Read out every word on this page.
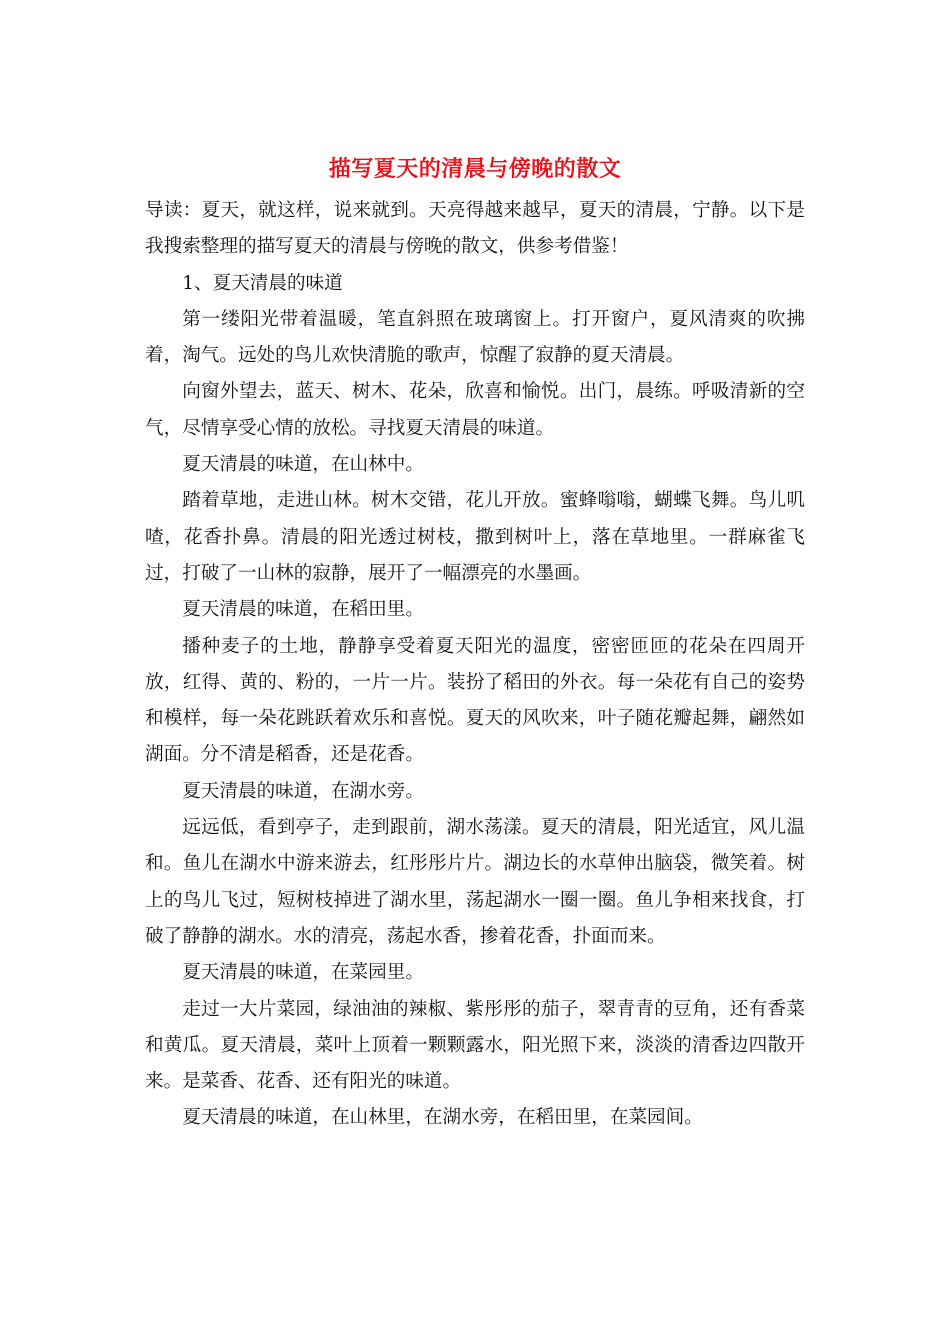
描写夏天的清晨与傍晚的散文

导读：夏天，就这样，说来就到。天亮得越来越早，夏天的清晨，宁静。以下是我搜索整理的描写夏天的清晨与傍晚的散文，供参考借鉴！

1、夏天清晨的味道

第一缕阳光带着温暖，笔直斜照在玻璃窗上。打开窗户，夏风清爽的吹拂着，淘气。远处的鸟儿欢快清脆的歌声，惊醒了寂静的夏天清晨。

向窗外望去，蓝天、树木、花朵，欣喜和愉悦。出门，晨练。呼吸清新的空气，尽情享受心情的放松。寻找夏天清晨的味道。

夏天清晨的味道，在山林中。

踏着草地，走进山林。树木交错，花儿开放。蜜蜂嗡嗡，蝴蝶飞舞。鸟儿叽喳，花香扑鼻。清晨的阳光透过树枝，撒到树叶上，落在草地里。一群麻雀飞过，打破了一山林的寂静，展开了一幅漂亮的水墨画。

夏天清晨的味道，在稻田里。

播种麦子的土地，静静享受着夏天阳光的温度，密密匝匝的花朵在四周开放，红得、黄的、粉的，一片一片。装扮了稻田的外衣。每一朵花有自己的姿势和模样，每一朵花跳跃着欢乐和喜悦。夏天的风吹来，叶子随花瓣起舞，翩然如湖面。分不清是稻香，还是花香。

夏天清晨的味道，在湖水旁。

远远低，看到亭子，走到跟前，湖水荡漾。夏天的清晨，阳光适宜，风儿温和。鱼儿在湖水中游来游去，红彤彤片片。湖边长的水草伸出脑袋，微笑着。树上的鸟儿飞过，短树枝掉进了湖水里，荡起湖水一圈一圈。鱼儿争相来找食，打破了静静的湖水。水的清亮，荡起水香，掺着花香，扑面而来。

夏天清晨的味道，在菜园里。

走过一大片菜园，绿油油的辣椒、紫彤彤的茄子，翠青青的豆角，还有香菜和黄瓜。夏天清晨，菜叶上顶着一颗颗露水，阳光照下来，淡淡的清香边四散开来。是菜香、花香、还有阳光的味道。

夏天清晨的味道，在山林里，在湖水旁，在稻田里，在菜园间。
